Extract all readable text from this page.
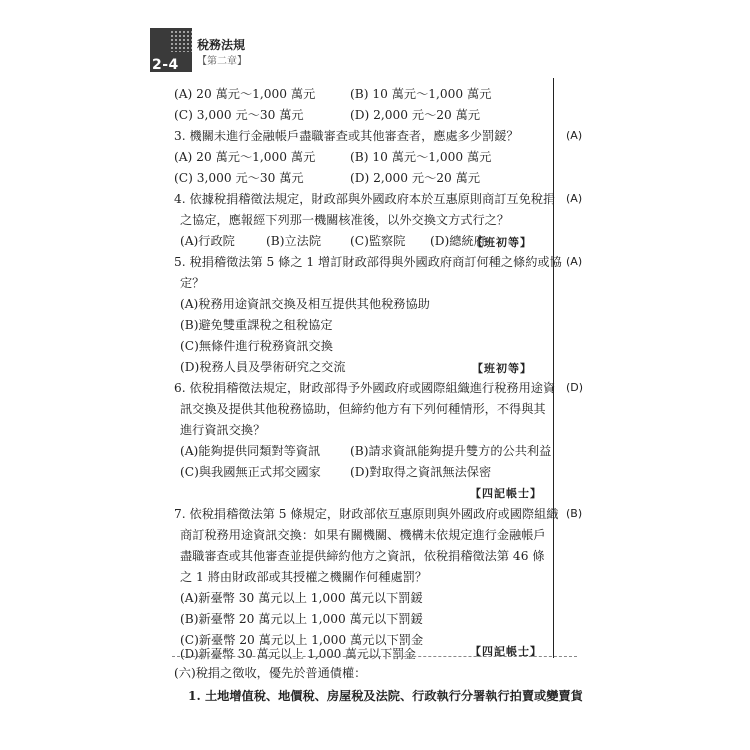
2-4
稅務法規
【第二章】
(A) 20 萬元～1,000 萬元	(B) 10 萬元～1,000 萬元
(C) 3,000 元～30 萬元	(D) 2,000 元～20 萬元
3. 機關未進行金融帳戶盡職審查或其他審查者，應處多少罰鍰？	(A)
(A) 20 萬元～1,000 萬元	(B) 10 萬元～1,000 萬元
(C) 3,000 元～30 萬元	(D) 2,000 元～20 萬元
4. 依據稅捐稽徵法規定，財政部與外國政府本於互惠原則商訂互免稅捐 (A)
之協定，應報經下列那一機關核准後，以外交換文方式行之？
(A)行政院	(B)立法院 (C)監察院 (D)總統府
【班初等】
5. 稅捐稽徵法第 5 條之 1 增訂財政部得與外國政府商訂何種之條約或協 (A)
定？
(A)稅務用途資訊交換及相互提供其他稅務協助
(B)避免雙重課稅之租稅協定
(C)無條件進行稅務資訊交換
(D)稅務人員及學術研究之交流	【班初等】
6. 依稅捐稽徵法規定，財政部得予外國政府或國際組織進行稅務用途資 (D)
訊交換及提供其他稅務協助，但締約他方有下列何種情形，不得與其
進行資訊交換？
(A)能夠提供同類對等資訊 (B)請求資訊能夠提升雙方的公共利益
(C)與我國無正式邦交國家 (D)對取得之資訊無法保密
【四記帳士】
7. 依稅捐稽徵法第 5 條規定，財政部依互惠原則與外國政府或國際組織 (B)
商訂稅務用途資訊交換：如果有關機關、機構未依規定進行金融帳戶
盡職審查或其他審查並提供締約他方之資訊，依稅捐稽徵法第 46 條
之 1 將由財政部或其授權之機關作何種處罰？
(A)新臺幣 30 萬元以上 1,000 萬元以下罰鍰
(B)新臺幣 20 萬元以上 1,000 萬元以下罰鍰
(C)新臺幣 20 萬元以上 1,000 萬元以下罰金
(D)新臺幣 30 萬元以上 1,000 萬元以下罰金	【四記帳士】
(六)稅捐之徵收，優先於普通債權：
1. 土地增值稅、地價稅、房屋稅及法院、行政執行分署執行拍賣或變賣貨
